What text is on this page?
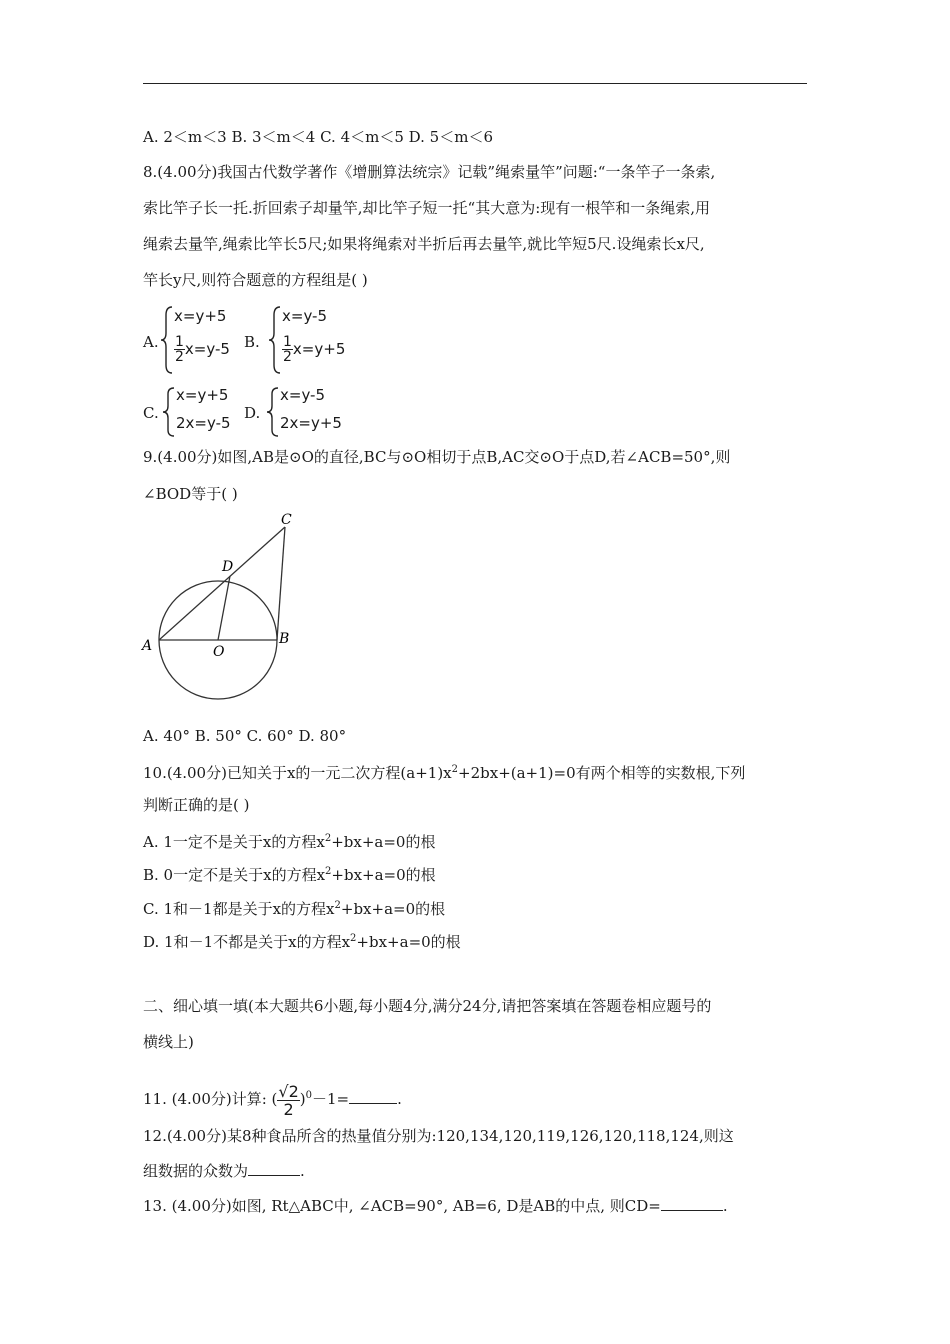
A. 2＜m＜3 B. 3＜m＜4 C. 4＜m＜5 D. 5＜m＜6
8.(4.00分)我国古代数学著作《增删算法统宗》记载”绳索量竿”问题:“一条竿子一条索,
索比竿子长一托.折回索子却量竿,却比竿子短一托“其大意为:现有一根竿和一条绳索,用
绳索去量竿,绳索比竿长5尺;如果将绳索对半折后再去量竿,就比竿短5尺.设绳索长x尺,
竿长y尺,则符合题意的方程组是( )
A.
x=y+5
$\frac{1}{2} x=y-5$ B.
x=y-5
$\frac{1}{2} x=y+5$
C.
x=y+5
2x=y-5
D.
x=y-5
2x=y+5
9.(4.00分)如图,AB是⊙O的直径,BC与⊙O相切于点B,AC交⊙O于点D,若∠ACB=50°,则
∠BOD等于( )
A	B
C
D
O
A. 40° B. 50° C. 60° D. 80°
10.(4.00分)已知关于x的一元二次方程$(a+1)x^2+2bx+(a+1)=0$有两个相等的实数根,下列
判断正确的是( )
A. 1一定不是关于x的方程$x^2+bx+a=0$的根
B. 0一定不是关于x的方程$x^2+bx+a=0$的根
C. 1和－1都是关于x的方程$x^2+bx+a=0$的根
D. 1和－1不都是关于x的方程$x^2+bx+a=0$的根
二、细心填一填(本大题共6小题,每小题4分,满分24分,请把答案填在答题卷相应题号的
横线上)
11. (4.00分)计算: ( $\frac{√2}{2} )^0-1=$	.
12.(4.00分)某8种食品所含的热量值分别为:120,134,120,119,126,120,118,124,则这
组数据的众数为	.
13. (4.00分)如图, Rt△ABC中, ∠ACB=90°, AB=6, D是AB的中点, 则CD=	.
